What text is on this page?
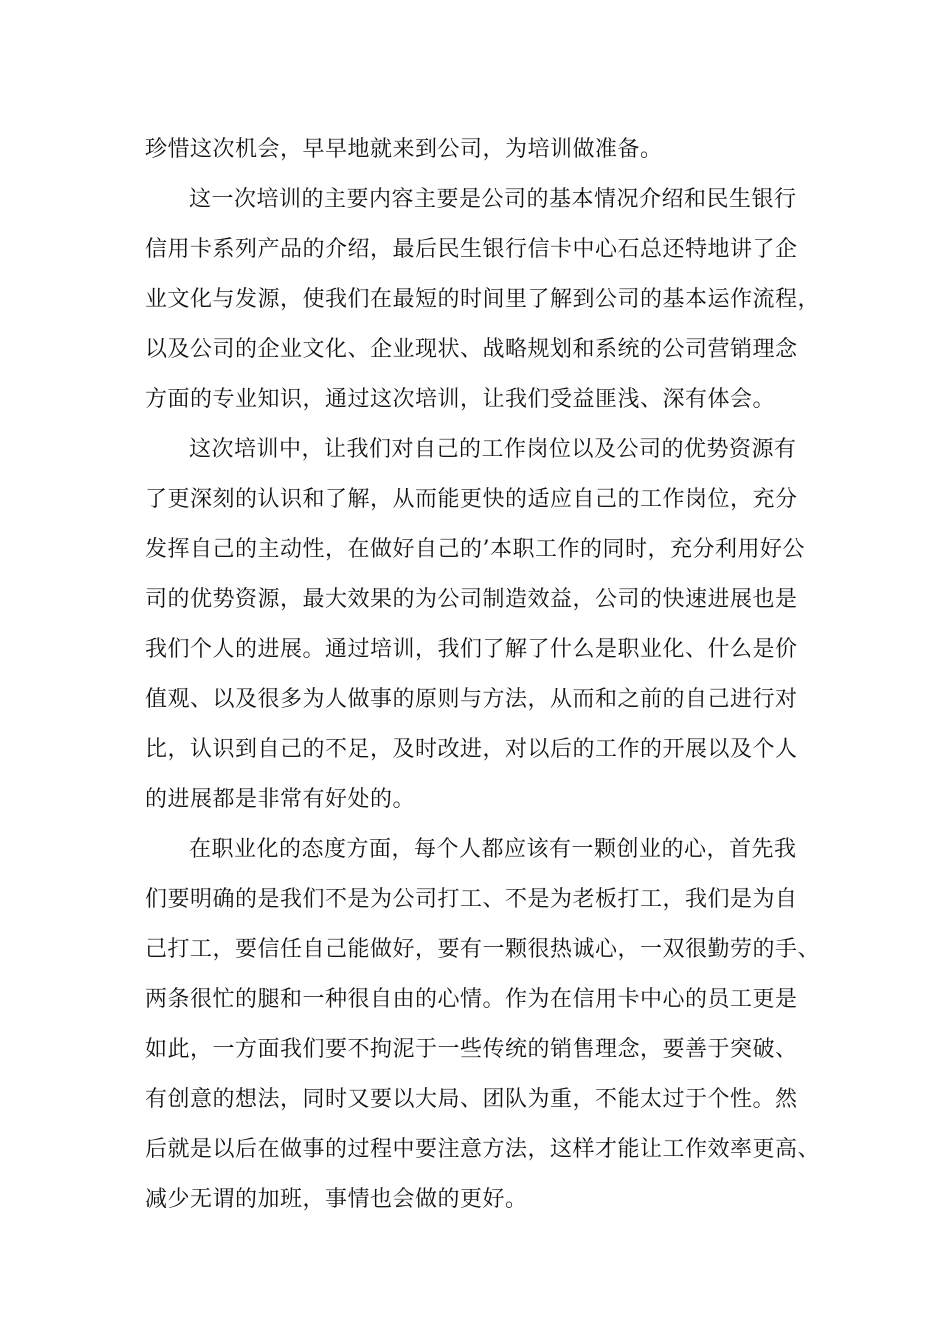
珍惜这次机会，早早地就来到公司，为培训做准备。
这一次培训的主要内容主要是公司的基本情况介绍和民生银行
信用卡系列产品的介绍，最后民生银行信卡中心石总还特地讲了企
业文化与发源，使我们在最短的时间里了解到公司的基本运作流程，
以及公司的企业文化、企业现状、战略规划和系统的公司营销理念
方面的专业知识，通过这次培训，让我们受益匪浅、深有体会。
这次培训中，让我们对自己的工作岗位以及公司的优势资源有
了更深刻的认识和了解，从而能更快的适应自己的工作岗位，充分
发挥自己的主动性，在做好自己的’本职工作的同时，充分利用好公
司的优势资源，最大效果的为公司制造效益，公司的快速进展也是
我们个人的进展。通过培训，我们了解了什么是职业化、什么是价
值观、以及很多为人做事的原则与方法，从而和之前的自己进行对
比，认识到自己的不足，及时改进，对以后的工作的开展以及个人
的进展都是非常有好处的。
在职业化的态度方面，每个人都应该有一颗创业的心，首先我
们要明确的是我们不是为公司打工、不是为老板打工，我们是为自
己打工，要信任自己能做好，要有一颗很热诚心，一双很勤劳的手、
两条很忙的腿和一种很自由的心情。作为在信用卡中心的员工更是
如此，一方面我们要不拘泥于一些传统的销售理念，要善于突破、
有创意的想法，同时又要以大局、团队为重，不能太过于个性。然
后就是以后在做事的过程中要注意方法，这样才能让工作效率更高、
减少无谓的加班，事情也会做的更好。
